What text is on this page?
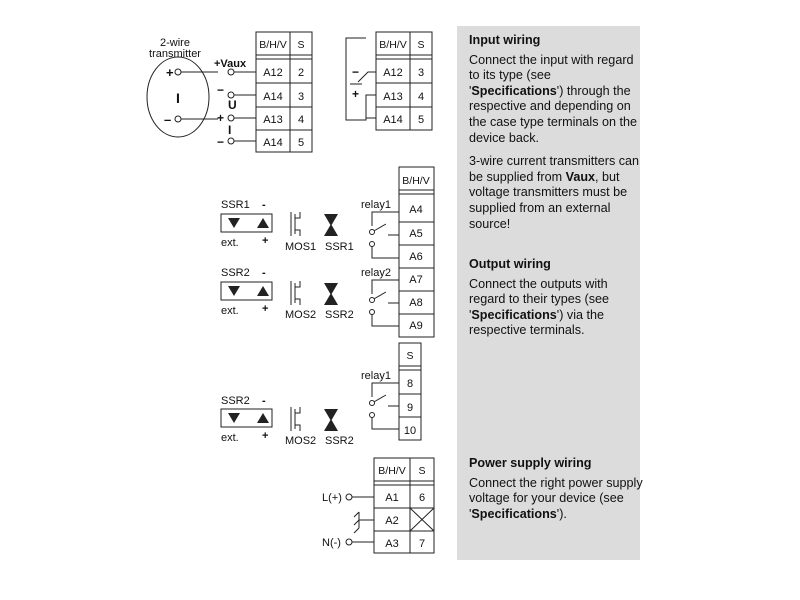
Input wiring

Connect the input with regard to its type (see 'Specifications') through the respective and depending on the case type terminals on the device back.

3-wire current transmitters can be supplied from Vaux, but voltage transmitters must be supplied from an external source!

Output wiring

Connect the outputs with regard to their types (see 'Specifications') via the respective terminals.

Power supply wiring

Connect the right power supply voltage for your device (see 'Specifications').

2-wire
transmitter
I
+
–
+Vaux
−
U
+
I
−
B/H/V S
A12
A14
A13
A14
2
3
4
5
B/H/V S
A12
A13
A14
3
4
5
−
+
B/H/V
A4
A5
A6
A7
A8
A9
relay1
relay2
SSR1 -
ext. + MOS1 SSR1
SSR2 -
ext. + MOS2 SSR2
S
8
9
10
relay1
SSR2 -
ext. + MOS2 SSR2
B/H/V S
A1
A2
A3
6
7
L(+)
N(-)
